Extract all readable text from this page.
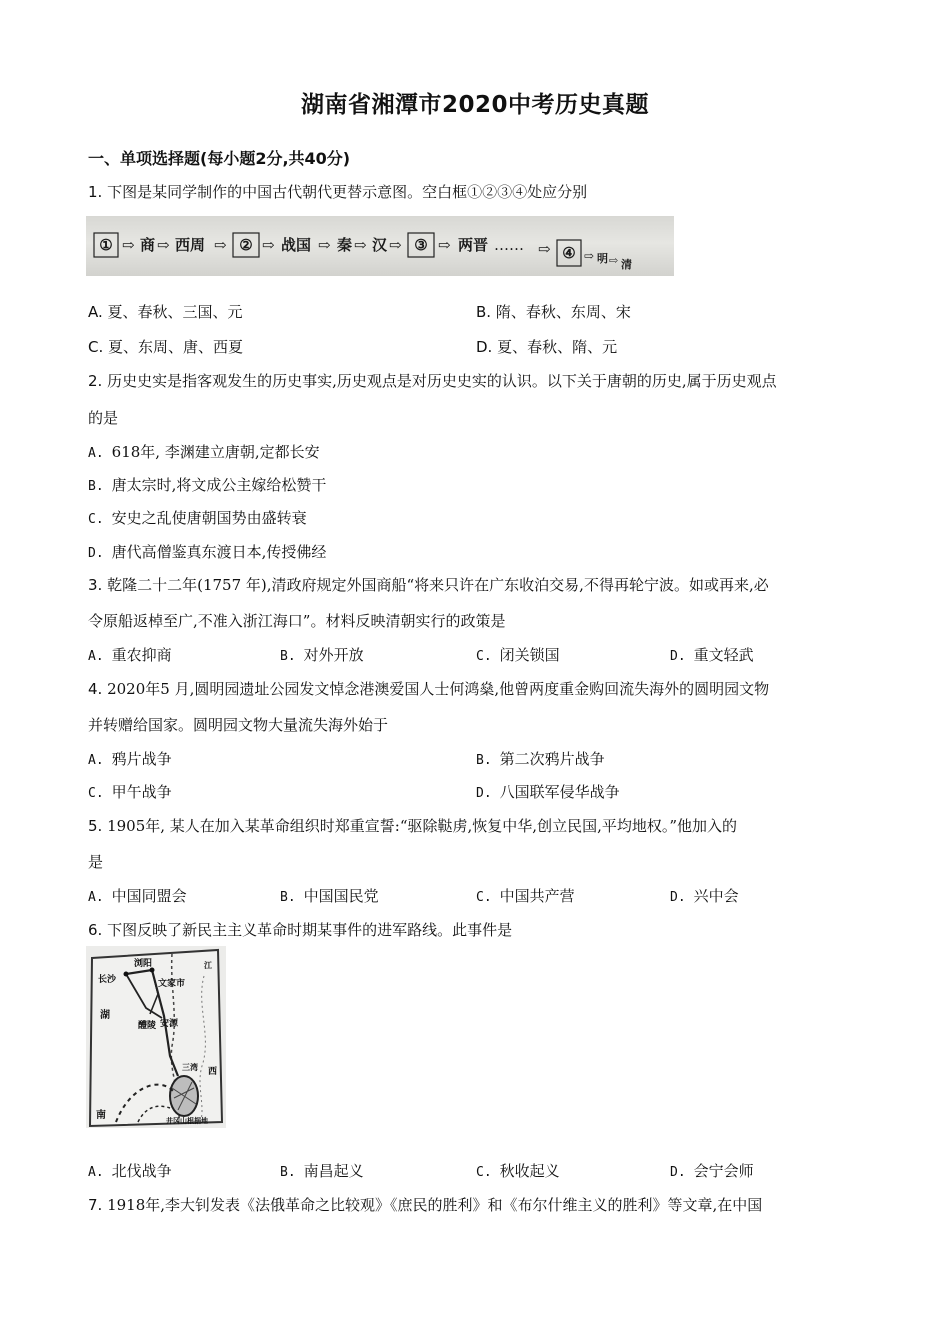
湖南省湘潭市2020中考历史真题
一、单项选择题(每小题2分,共40分)
1. 下图是某同学制作的中国古代朝代更替示意图。空白框①②③④处应分别
① ⇨ 商 ⇨ 西周 ⇨ ② ⇨ 战国 ⇨ 秦 ⇨ 汉 ⇨ ③ ⇨ 两晋 …… ⇨ ④ ⇨ 明 ⇨ 清
A. 夏、春秋、三国、元	B. 隋、春秋、东周、宋
C. 夏、东周、唐、西夏	D. 夏、春秋、隋、元
2. 历史史实是指客观发生的历史事实,历史观点是对历史史实的认识。以下关于唐朝的历史,属于历史观点
的是
A. 618年, 李渊建立唐朝,定都长安
B. 唐太宗时,将文成公主嫁给松赞干
C. 安史之乱使唐朝国势由盛转衰
D. 唐代高僧鉴真东渡日本,传授佛经
3. 乾隆二十二年(1757 年),清政府规定外国商船“将来只许在广东收泊交易,不得再轮宁波。如或再来,必
令原船返棹至广,不准入浙江海口”。材料反映清朝实行的政策是
A. 重农抑商	B. 对外开放	C. 闭关锁国	D. 重文轻武
4. 2020年5 月,圆明园遗址公园发文悼念港澳爱国人士何鸿燊,他曾两度重金购回流失海外的圆明园文物
并转赠给国家。圆明园文物大量流失海外始于
A. 鸦片战争	B. 第二次鸦片战争
C. 甲午战争	D. 八国联军侵华战争
5. 1905年, 某人在加入某革命组织时郑重宣誓:“驱除鞑虏,恢复中华,创立民国,平均地权。”他加入的
是
A. 中国同盟会	B. 中国国民党	C. 中国共产营	D. 兴中会
6. 下图反映了新民主主义革命时期某事件的进军路线。此事件是
浏阳
长沙	文家市
醴陵 安源
湖
江
三湾 西
井冈山根据地
南
A. 北伐战争	B. 南昌起义	C. 秋收起义	D. 会宁会师
7. 1918年,李大钊发表《法俄革命之比较观》《庶民的胜利》和《布尔什维主义的胜利》等文章,在中国
